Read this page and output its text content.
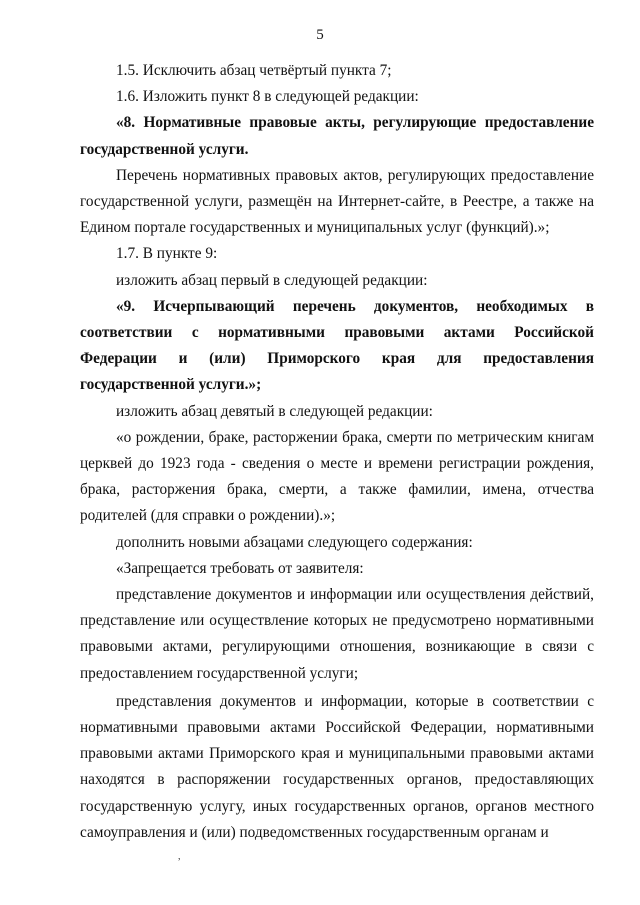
5

1.5. Исключить абзац четвёртый пункта 7;

1.6. Изложить пункт 8 в следующей редакции:

«8. Нормативные правовые акты, регулирующие предоставление государственной услуги.

Перечень нормативных правовых актов, регулирующих предоставление государственной услуги, размещён на Интернет-сайте, в Реестре, а также на Едином портале государственных и муниципальных услуг (функций).»;

1.7. В пункте 9:

изложить абзац первый в следующей редакции:

«9. Исчерпывающий перечень документов, необходимых в соответствии с нормативными правовыми актами Российской Федерации и (или) Приморского края для предоставления государственной услуги.»;

изложить абзац девятый в следующей редакции:

«о рождении, браке, расторжении брака, смерти по метрическим книгам церквей до 1923 года - сведения о месте и времени регистрации рождения, брака, расторжения брака, смерти, а также фамилии, имена, отчества родителей (для справки о рождении).»;

дополнить новыми абзацами следующего содержания:

«Запрещается требовать от заявителя:

представление документов и информации или осуществления действий, представление или осуществление которых не предусмотрено нормативными правовыми актами, регулирующими отношения, возникающие в связи с предоставлением государственной услуги;

представления документов и информации, которые в соответствии с нормативными правовыми актами Российской Федерации, нормативными правовыми актами Приморского края и муниципальными правовыми актами находятся в распоряжении государственных органов, предоставляющих государственную услугу, иных государственных органов, органов местного самоуправления и (или) подведомственных государственным органам и

,
